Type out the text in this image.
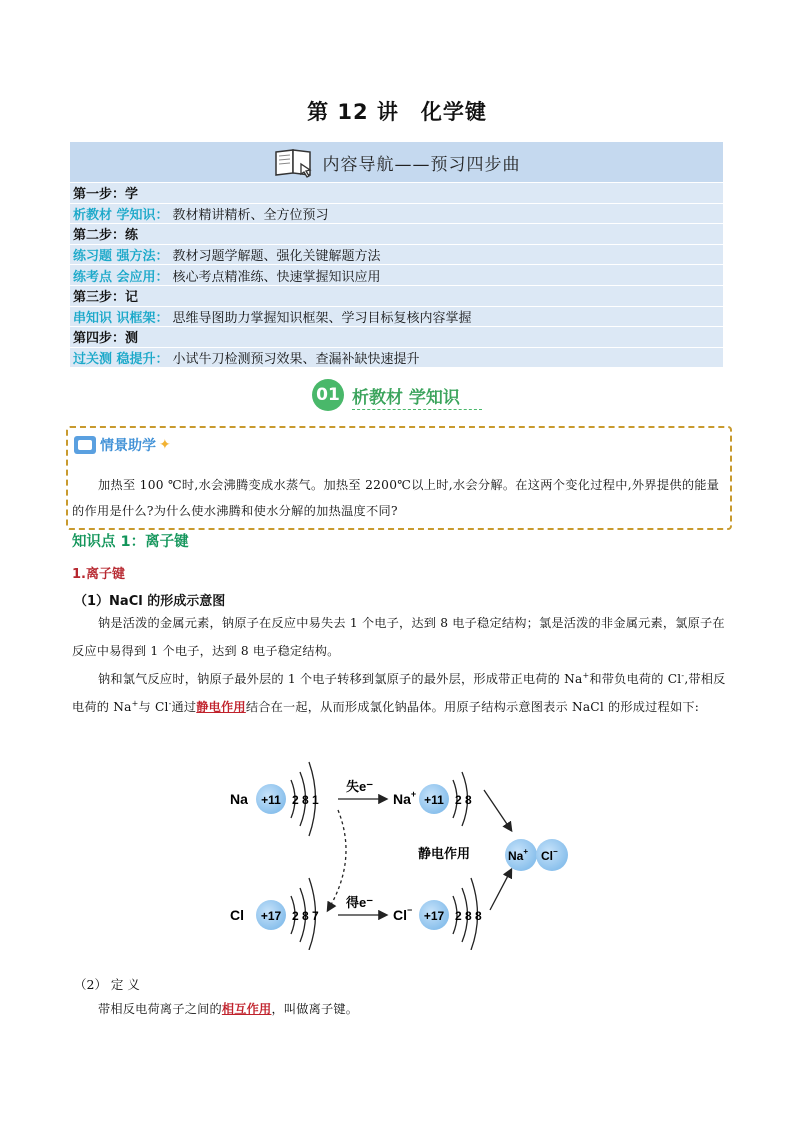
第 12 讲　化学键
内容导航——预习四步曲
第一步：学
析教材 学知识： 教材精讲精析、全方位预习
第二步：练
练习题 强方法： 教材习题学解题、强化关键解题方法
练考点 会应用： 核心考点精准练、快速掌握知识应用
第三步：记
串知识 识框架： 思维导图助力掌握知识框架、学习目标复核内容掌握
第四步：测
过关测 稳提升： 小试牛刀检测预习效果、查漏补缺快速提升
01 析教材 学知识
情景助学 ✦
加热至 100 ℃时,水会沸腾变成水蒸气。加热至 2200℃以上时,水会分解。在这两个变化过程中,外界提供的能量的作用是什么?为什么使水沸腾和使水分解的加热温度不同?
知识点 1：离子键
1.离子键
（1）NaCl 的形成示意图
钠是活泼的金属元素，钠原子在反应中易失去 1 个电子，达到 8 电子稳定结构；氯是活泼的非金属元素，氯原子在反应中易得到 1 个电子，达到 8 电子稳定结构。
钠和氯气反应时，钠原子最外层的 1 个电子转移到氯原子的最外层，形成带正电荷的 Na+和带负电荷的 Cl-,带相反电荷的 Na+与 Cl-通过静电作用结合在一起，从而形成氯化钠晶体。用原子结构示意图表示 NaCl 的形成过程如下:
Na +11 2 8 1
失e⁻
Na+ +11 2 8
Cl +17 2 8 7
得e⁻
Cl− +17 2 8 8
静电作用	Na+ Cl−
（2） 定 义
带相反电荷离子之间的相互作用，叫做离子键。
